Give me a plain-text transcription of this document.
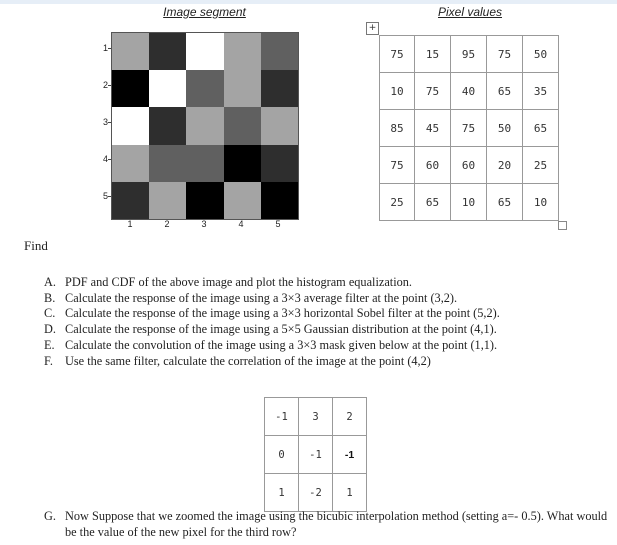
Image segment	Pixel values
1
2
3
4
5
1	2	3	4	5
+
75	15	95	75	50
10	75	40	65	35
85	45	75	50	65
75	60	60	20	25
25	65	10	65	10
Find
A. PDF and CDF of the above image and plot the histogram equalization.
B. Calculate the response of the image using a 3×3 average filter at the point (3,2).
C. Calculate the response of the image using a 3×3 horizontal Sobel filter at the point (5,2).
D. Calculate the response of the image using a 5×5 Gaussian distribution at the point (4,1).
E. Calculate the convolution of the image using a 3×3 mask given below at the point (1,1).
F. Use the same filter, calculate the correlation of the image at the point (4,2)
-1	3	2
0	-1	-1
1	-2	1
G. Now Suppose that we zoomed the image using the bicubic interpolation method (setting a=- 0.5). What would be the value of the new pixel for the third row?
